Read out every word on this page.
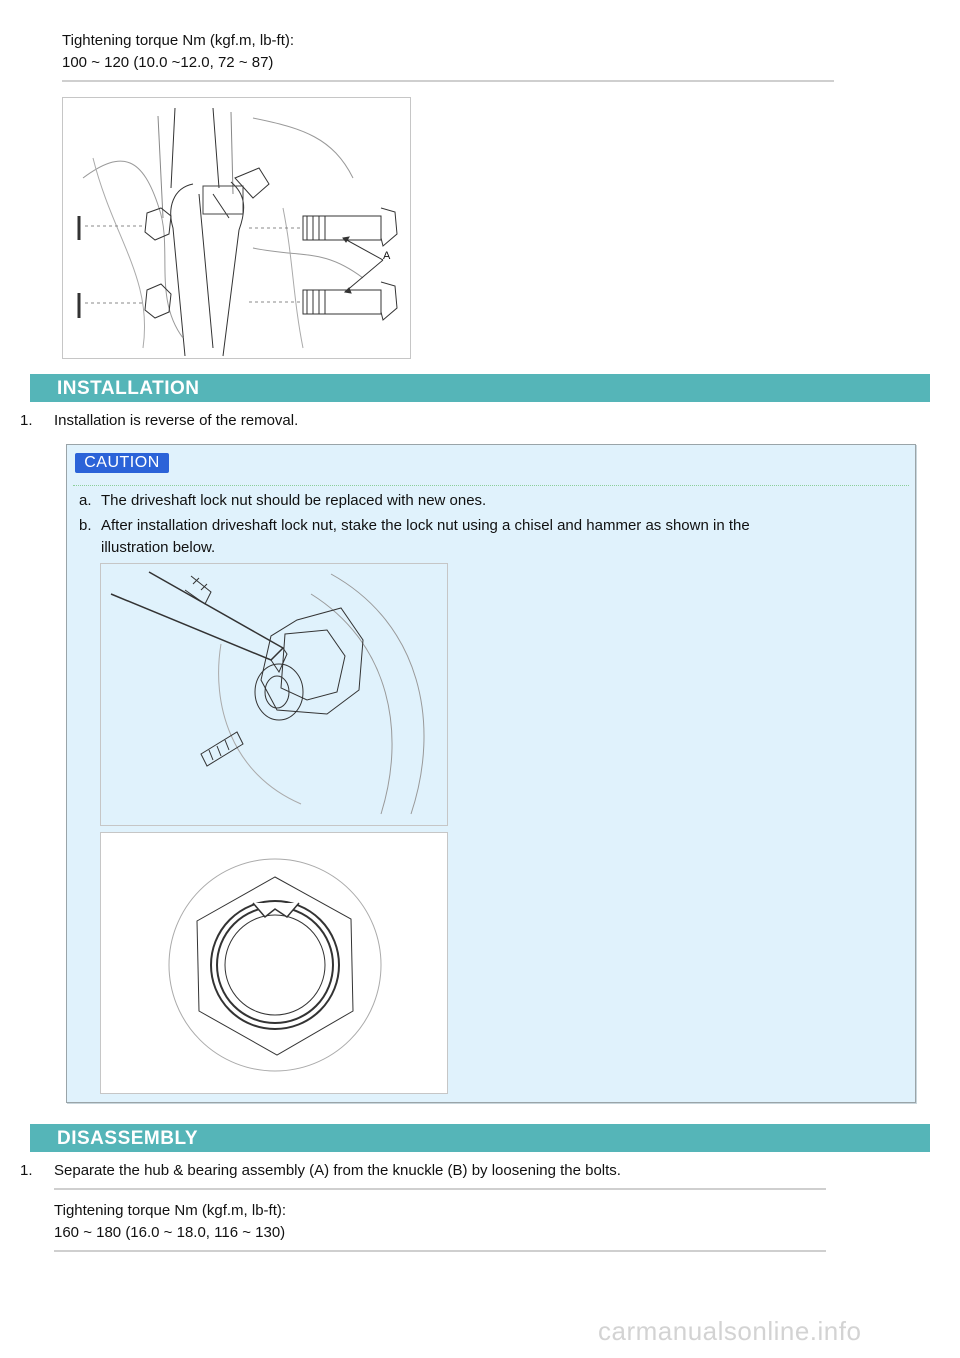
Tightening torque Nm (kgf.m, lb-ft):
100 ~ 120 (10.0 ~12.0, 72 ~ 87)
A
INSTALLATION
1. Installation is reverse of the removal.
CAUTION
a. The driveshaft lock nut should be replaced with new ones.
b. After installation driveshaft lock nut, stake the lock nut using a chisel and hammer as shown in the
illustration below.
DISASSEMBLY
1. Separate the hub & bearing assembly (A) from the knuckle (B) by loosening the bolts.
Tightening torque Nm (kgf.m, lb-ft):
160 ~ 180 (16.0 ~ 18.0, 116 ~ 130)
carmanualsonline.info
